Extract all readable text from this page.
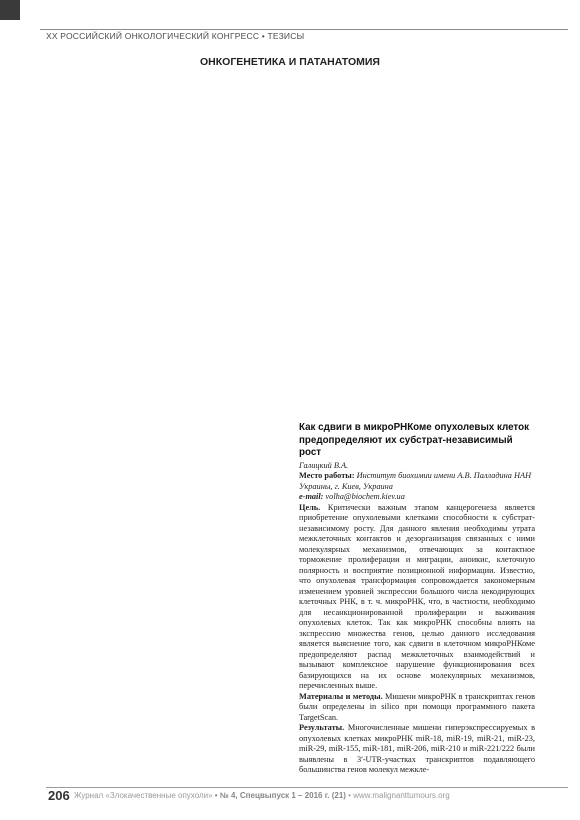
XX РОССИЙСКИЙ ОНКОЛОГИЧЕСКИЙ КОНГРЕСС • ТЕЗИСЫ
ОНКОГЕНЕТИКА И ПАТАНАТОМИЯ
Как сдвиги в микроРНКоме опухолевых клеток предопределяют их субстрат-независимый рост
Галицкий В.А.
Место работы: Институт биохимии имени А.В. Палладина НАН Украины, г. Киев, Украина
e-mail: volha@biochem.kiev.ua

Цель. Критически важным этапом канцерогенеза является приобретение опухолевыми клетками способности к субстрат-независимому росту. Для данного явления необходимы утрата межклеточных контактов и дезорганизация связанных с ними молекулярных механизмов, отвечающих за контактное торможение пролиферации и миграции, аноикис, клеточную полярность и восприятие позиционной информации. Известно, что опухолевая трансформация сопровождается закономерным изменением уровней экспрессии большого числа некодирующих клеточных РНК, в т. ч. микроРНК, что, в частности, необходимо для несанкционированной пролиферации и выживания опухолевых клеток. Так как микроРНК способны влиять на экспрессию множества генов, целью данного исследования является выяснение того, как сдвиги в клеточном микроРНКоме предопределяют распад межклеточных взаимодействий и вызывают комплексное нарушение функционирования всех базирующихся на их основе молекулярных механизмов, перечисленных выше.

Материалы и методы. Мишени микроРНК в транскриптах генов были определены in silico при помощи программного пакета TargetScan.

Результаты. Многочисленные мишени гиперэкспрессируемых в опухолевых клетках микроРНК miR-18, miR-19, miR-21, miR-23, miR-29, miR-155, miR-181, miR-206, miR-210 и miR-221/222 были выявлены в 3'-UTR-участках транскриптов подавляющего большинства генов молекул межкле-

206 Журнал «Злокачественные опухоли» • № 4, Спецвыпуск 1 – 2016 г. (21) • www.malignanttumours.org
